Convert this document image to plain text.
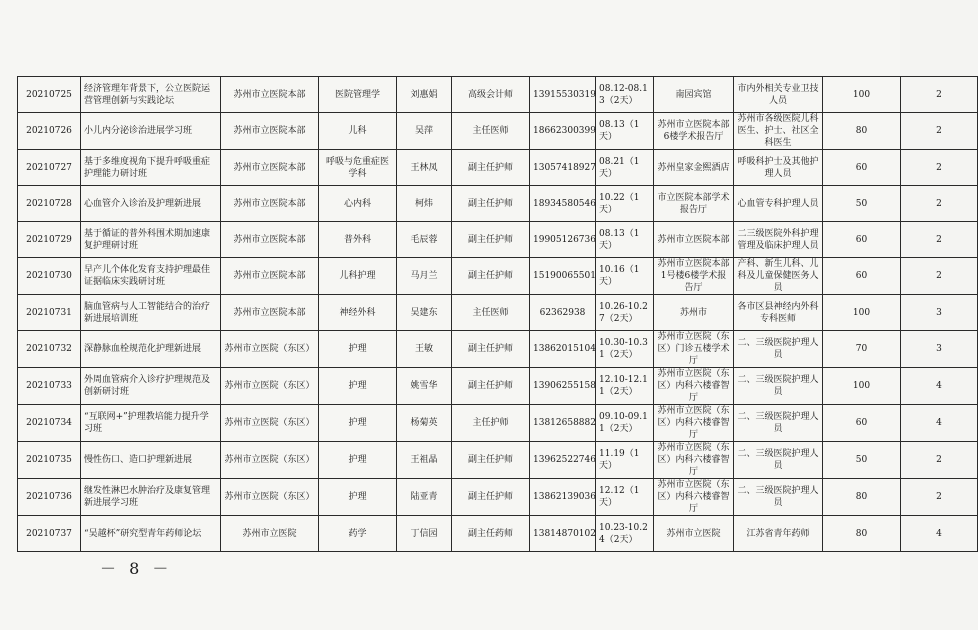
20210725	经济管理年背景下，公立医院运营管理创新与实践论坛	苏州市立医院本部	医院管理学	刘惠娟	高级会计师	13915530319	08.12-08.13（2天）	南园宾馆	市内外相关专业卫技人员	100	2
20210726	小儿内分泌诊治进展学习班	苏州市立医院本部	儿科	吴萍	主任医师	18662300399	08.13（1天）	苏州市立医院本部6楼学术报告厅	苏州市各级医院儿科医生、护士、社区全科医生	80	2
20210727	基于多维度视角下提升呼吸重症护理能力研讨班	苏州市立医院本部	呼吸与危重症医学科	王林凤	副主任护师	13057418927	08.21（1天）	苏州皇家金熙酒店	呼吸科护士及其他护理人员	60	2
20210728	心血管介入诊治及护理新进展	苏州市立医院本部	心内科	柯炜	副主任护师	18934580546	10.22（1天）	市立医院本部学术报告厅	心血管专科护理人员	50	2
20210729	基于循证的普外科围术期加速康复护理研讨班	苏州市立医院本部	普外科	毛辰蓉	副主任护师	19905126736	08.13（1天）	苏州市立医院本部	二三级医院外科护理管理及临床护理人员	60	2
20210730	早产儿个体化发育支持护理最佳证据临床实践研讨班	苏州市立医院本部	儿科护理	马月兰	副主任护师	15190065501	10.16（1天）	苏州市立医院本部1号楼6楼学术报告厅	产科、新生儿科、儿科及儿童保健医务人员	60	2
20210731	脑血管病与人工智能结合的治疗新进展培训班	苏州市立医院本部	神经外科	吴建东	主任医师	62362938	10.26-10.27（2天）	苏州市	各市区县神经内外科专科医师	100	3
20210732	深静脉血栓规范化护理新进展	苏州市立医院（东区）	护理	王敏	副主任护师	13862015104	10.30-10.31（2天）	苏州市立医院（东区）门诊五楼学术厅	二、三级医院护理人员	70	3
20210733	外周血管病介入诊疗护理规范及创新研讨班	苏州市立医院（东区）	护理	姚雪华	副主任护师	13906255158	12.10-12.11（2天）	苏州市立医院（东区）内科六楼睿智厅	二、三级医院护理人员	100	4
20210734	“互联网+”护理教培能力提升学习班	苏州市立医院（东区）	护理	杨菊英	主任护师	13812658882	09.10-09.11（2天）	苏州市立医院（东区）内科六楼睿智厅	二、三级医院护理人员	60	4
20210735	慢性伤口、造口护理新进展	苏州市立医院（东区）	护理	王祖晶	副主任护师	13962522746	11.19（1天）	苏州市立医院（东区）内科六楼睿智厅	二、三级医院护理人员	50	2
20210736	继发性淋巴水肿治疗及康复管理新进展学习班	苏州市立医院（东区）	护理	陆亚青	副主任护师	13862139036	12.12（1天）	苏州市立医院（东区）内科六楼睿智厅	二、三级医院护理人员	80	2
20210737	“吴越杯”研究型青年药师论坛	苏州市立医院	药学	丁信园	副主任药师	13814870102	10.23-10.24（2天）	苏州市立医院	江苏省青年药师	80	4
－ 8 －
